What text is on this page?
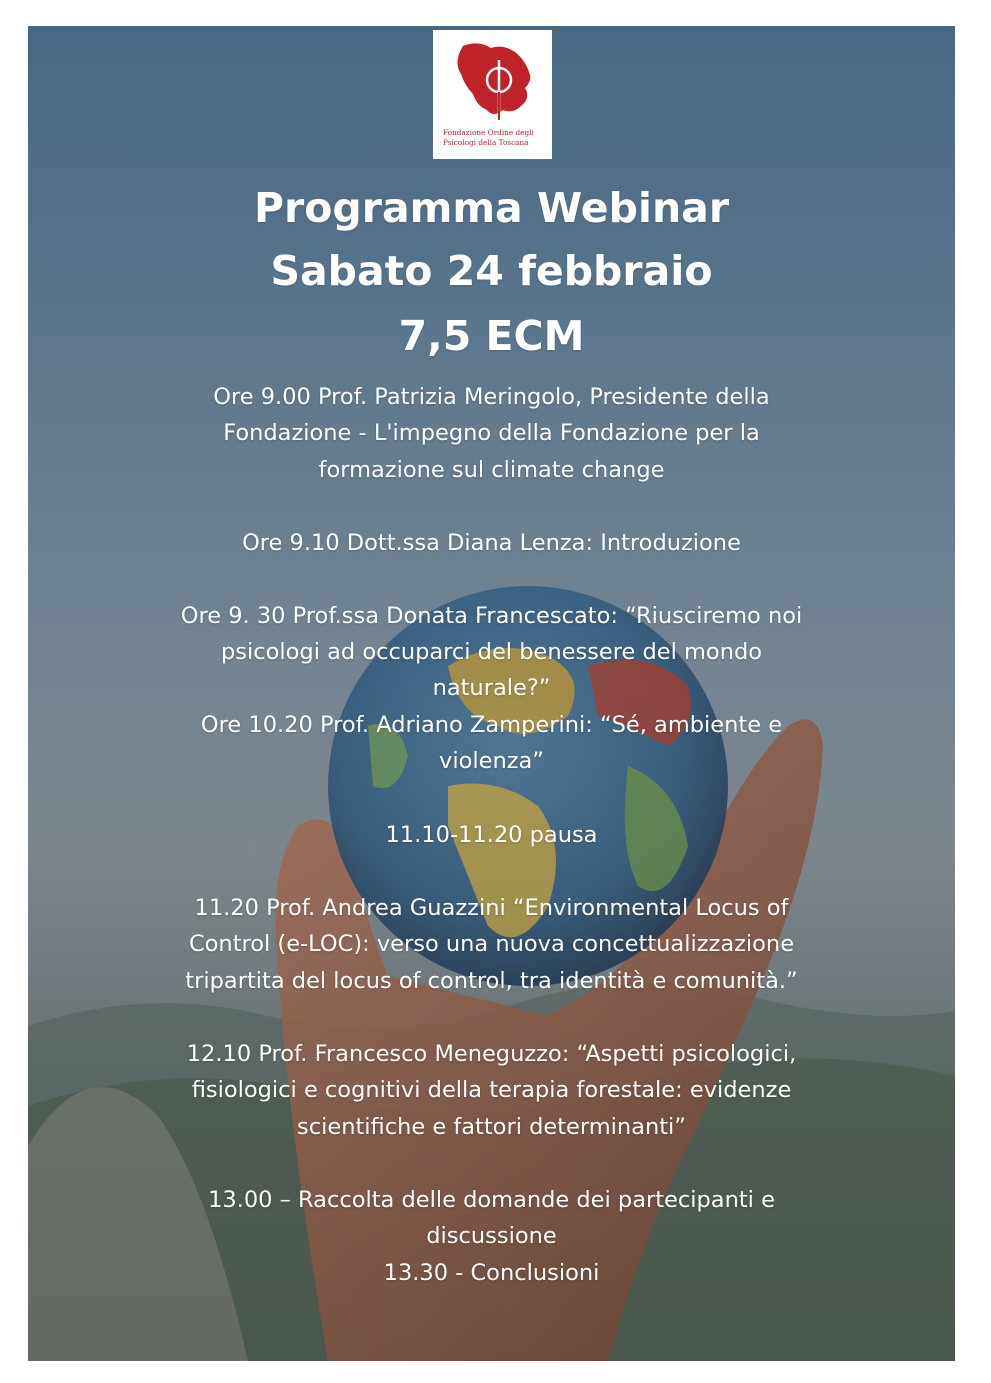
Fondazione Ordine degli
Psicologi della Toscana
Programma Webinar
Sabato 24 febbraio
7,5 ECM
Ore 9.00 Prof. Patrizia Meringolo, Presidente della
Fondazione - L'impegno della Fondazione per la
formazione sul climate change
Ore 9.10 Dott.ssa Diana Lenza: Introduzione
Ore 9. 30 Prof.ssa Donata Francescato: “Riusciremo noi
psicologi ad occuparci del benessere del mondo
naturale?”
Ore 10.20 Prof. Adriano Zamperini: “Sé, ambiente e
violenza”
11.10-11.20 pausa
11.20 Prof. Andrea Guazzini “Environmental Locus of
Control (e-LOC): verso una nuova concettualizzazione
tripartita del locus of control, tra identità e comunità.”
12.10 Prof. Francesco Meneguzzo: “Aspetti psicologici,
fisiologici e cognitivi della terapia forestale: evidenze
scientifiche e fattori determinanti”
13.00 – Raccolta delle domande dei partecipanti e
discussione
13.30 - Conclusioni
